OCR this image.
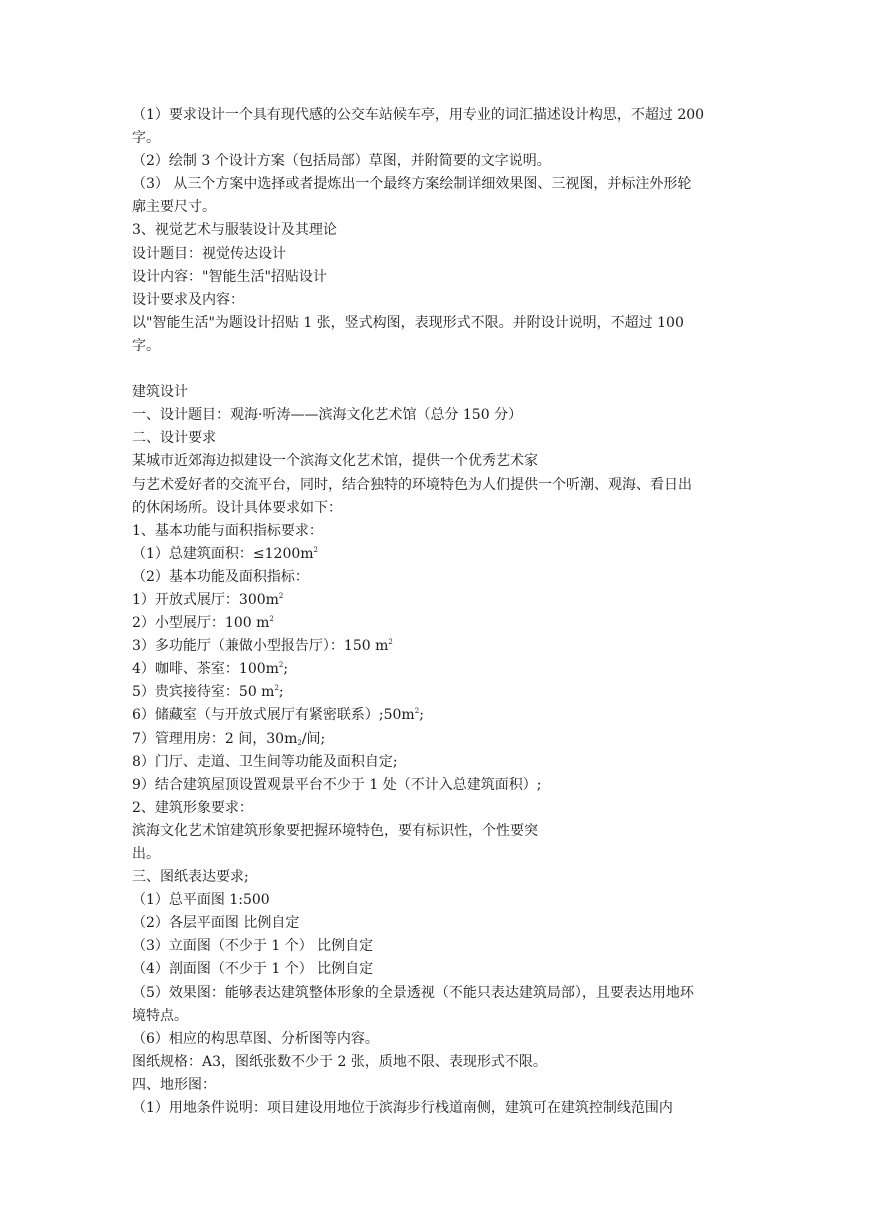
（1）要求设计一个具有现代感的公交车站候车亭，用专业的词汇描述设计构思，不超过 200
字。
（2）绘制 3 个设计方案（包括局部）草图，并附简要的文字说明。
（3） 从三个方案中选择或者提炼出一个最终方案绘制详细效果图、三视图，并标注外形轮
廓主要尺寸。
3、视觉艺术与服装设计及其理论
设计题目：视觉传达设计
设计内容："智能生活"招贴设计
设计要求及内容：
以"智能生活"为题设计招贴 1 张，竖式构图，表现形式不限。并附设计说明，不超过 100
字。
建筑设计
一、设计题目：观海·听涛——滨海文化艺术馆（总分 150 分）
二、设计要求
某城市近郊海边拟建设一个滨海文化艺术馆，提供一个优秀艺术家
与艺术爱好者的交流平台，同时，结合独特的环境特色为人们提供一个听潮、观海、看日出
的休闲场所。设计具体要求如下：
1、基本功能与面积指标要求：
（1）总建筑面积：$\le 1200m^2$
（2）基本功能及面积指标：
1）开放式展厅：$300m^2$
2）小型展厅：100 $m^2$
3）多功能厅（兼做小型报告厅）：150 $m^2$
4）咖啡、茶室：$100m^2$;
5）贵宾接待室：50 $m^2$;
6）储藏室（与开放式展厅有紧密联系）$;50m^2$;
7）管理用房：2 间，$30m_2/$间;
8）门厅、走道、卫生间等功能及面积自定;
9）结合建筑屋顶设置观景平台不少于 1 处（不计入总建筑面积）;
2、建筑形象要求：
滨海文化艺术馆建筑形象要把握环境特色，要有标识性，个性要突
出。
三、图纸表达要求;
（1）总平面图 1:500
（2）各层平面图 比例自定
（3）立面图（不少于 1 个） 比例自定
（4）剖面图（不少于 1 个） 比例自定
（5）效果图：能够表达建筑整体形象的全景透视（不能只表达建筑局部），且要表达用地环
境特点。
（6）相应的构思草图、分析图等内容。
图纸规格：A3，图纸张数不少于 2 张，质地不限、表现形式不限。
四、地形图：
（1）用地条件说明：项目建设用地位于滨海步行栈道南侧，建筑可在建筑控制线范围内
